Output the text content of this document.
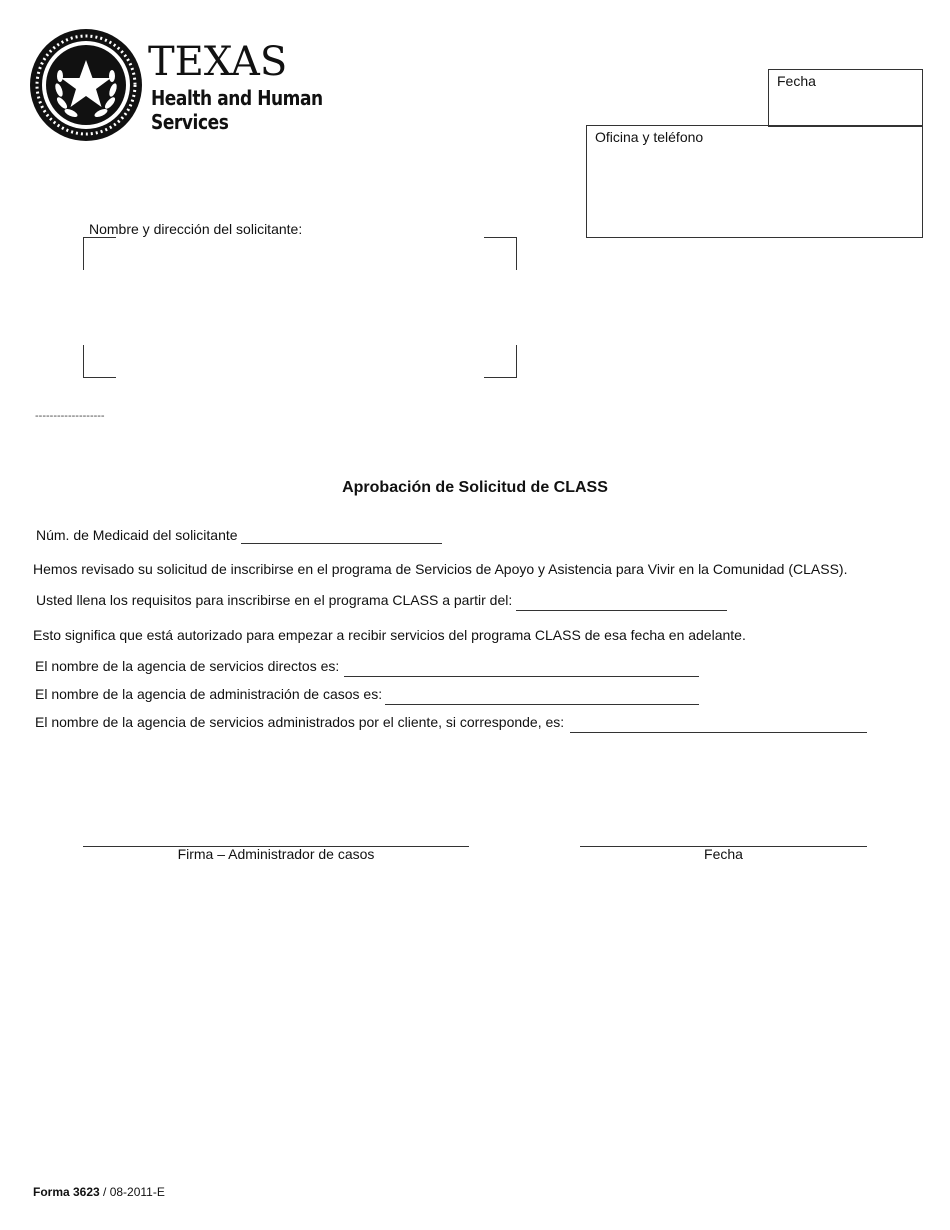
TEXAS
Health and Human
Services
Fecha
Oficina y teléfono
Nombre y dirección del solicitante:
-------------------
Aprobación de Solicitud de CLASS
Núm. de Medicaid del solicitante
Hemos revisado su solicitud de inscribirse en el programa de Servicios de Apoyo y Asistencia para Vivir en la Comunidad (CLASS).
Usted llena los requisitos para inscribirse en el programa CLASS a partir del:
Esto significa que está autorizado para empezar a recibir servicios del programa CLASS de esa fecha en adelante.
El nombre de la agencia de servicios directos es:
El nombre de la agencia de administración de casos es:
El nombre de la agencia de servicios administrados por el cliente, si corresponde, es:
Firma – Administrador de casos	Fecha
Forma 3623 / 08-2011-E
